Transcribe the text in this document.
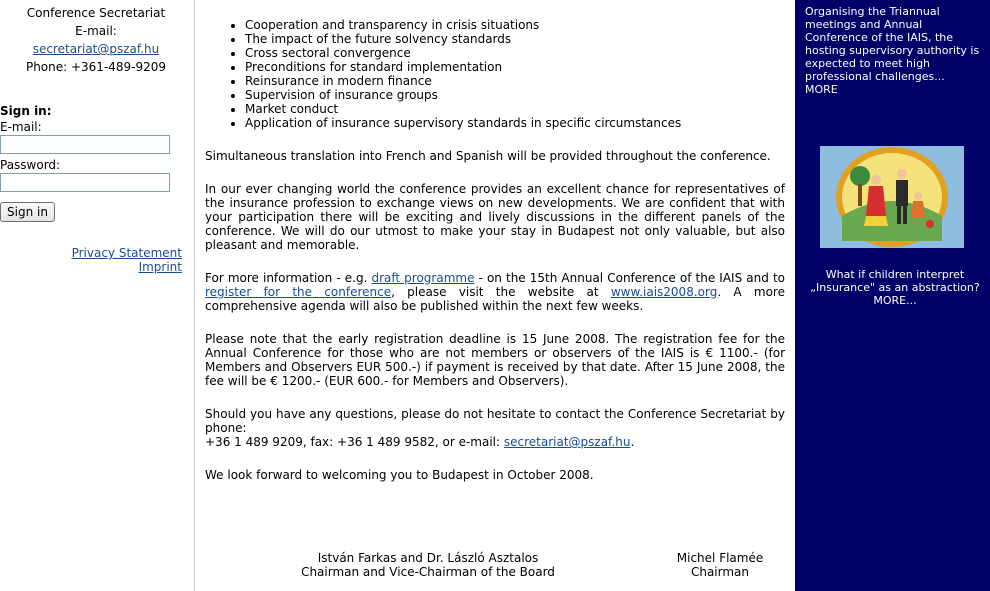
Conference Secretariat
E-mail:
secretariat@pszaf.hu
Phone: +361-489-9209
Sign in:
E-mail:
Password:

Sign in
Privacy Statement
Imprint
• Cooperation and transparency in crisis situations
• The impact of the future solvency standards
• Cross sectoral convergence
• Preconditions for standard implementation
• Reinsurance in modern finance
• Supervision of insurance groups
• Market conduct
• Application of insurance supervisory standards in specific circumstances

Simultaneous translation into French and Spanish will be provided throughout the conference.

In our ever changing world the conference provides an excellent chance for representatives of the insurance profession to exchange views on new developments. We are confident that with your participation there will be exciting and lively discussions in the different panels of the conference. We will do our utmost to make your stay in Budapest not only valuable, but also pleasant and memorable.

For more information - e.g. draft programme - on the 15th Annual Conference of the IAIS and to register for the conference, please visit the website at www.iais2008.org. A more comprehensive agenda will also be published within the next few weeks.

Please note that the early registration deadline is 15 June 2008. The registration fee for the Annual Conference for those who are not members or observers of the IAIS is € 1100.- (for Members and Observers EUR 500.-) if payment is received by that date. After 15 June 2008, the fee will be € 1200.- (EUR 600.- for Members and Observers).

Should you have any questions, please do not hesitate to contact the Conference Secretariat by phone:
+36 1 489 9209, fax: +36 1 489 9582, or e-mail: secretariat@pszaf.hu.

We look forward to welcoming you to Budapest in October 2008.

István Farkas and Dr. László Asztalos
Chairman and Vice-Chairman of the Board
Michel Flamée
Chairman
Organising the Triannual meetings and Annual Conference of the IAIS, the hosting supervisory authority is expected to meet high professional challenges...
MORE
What if children interpret „Insurance" as an abstraction?
MORE...
